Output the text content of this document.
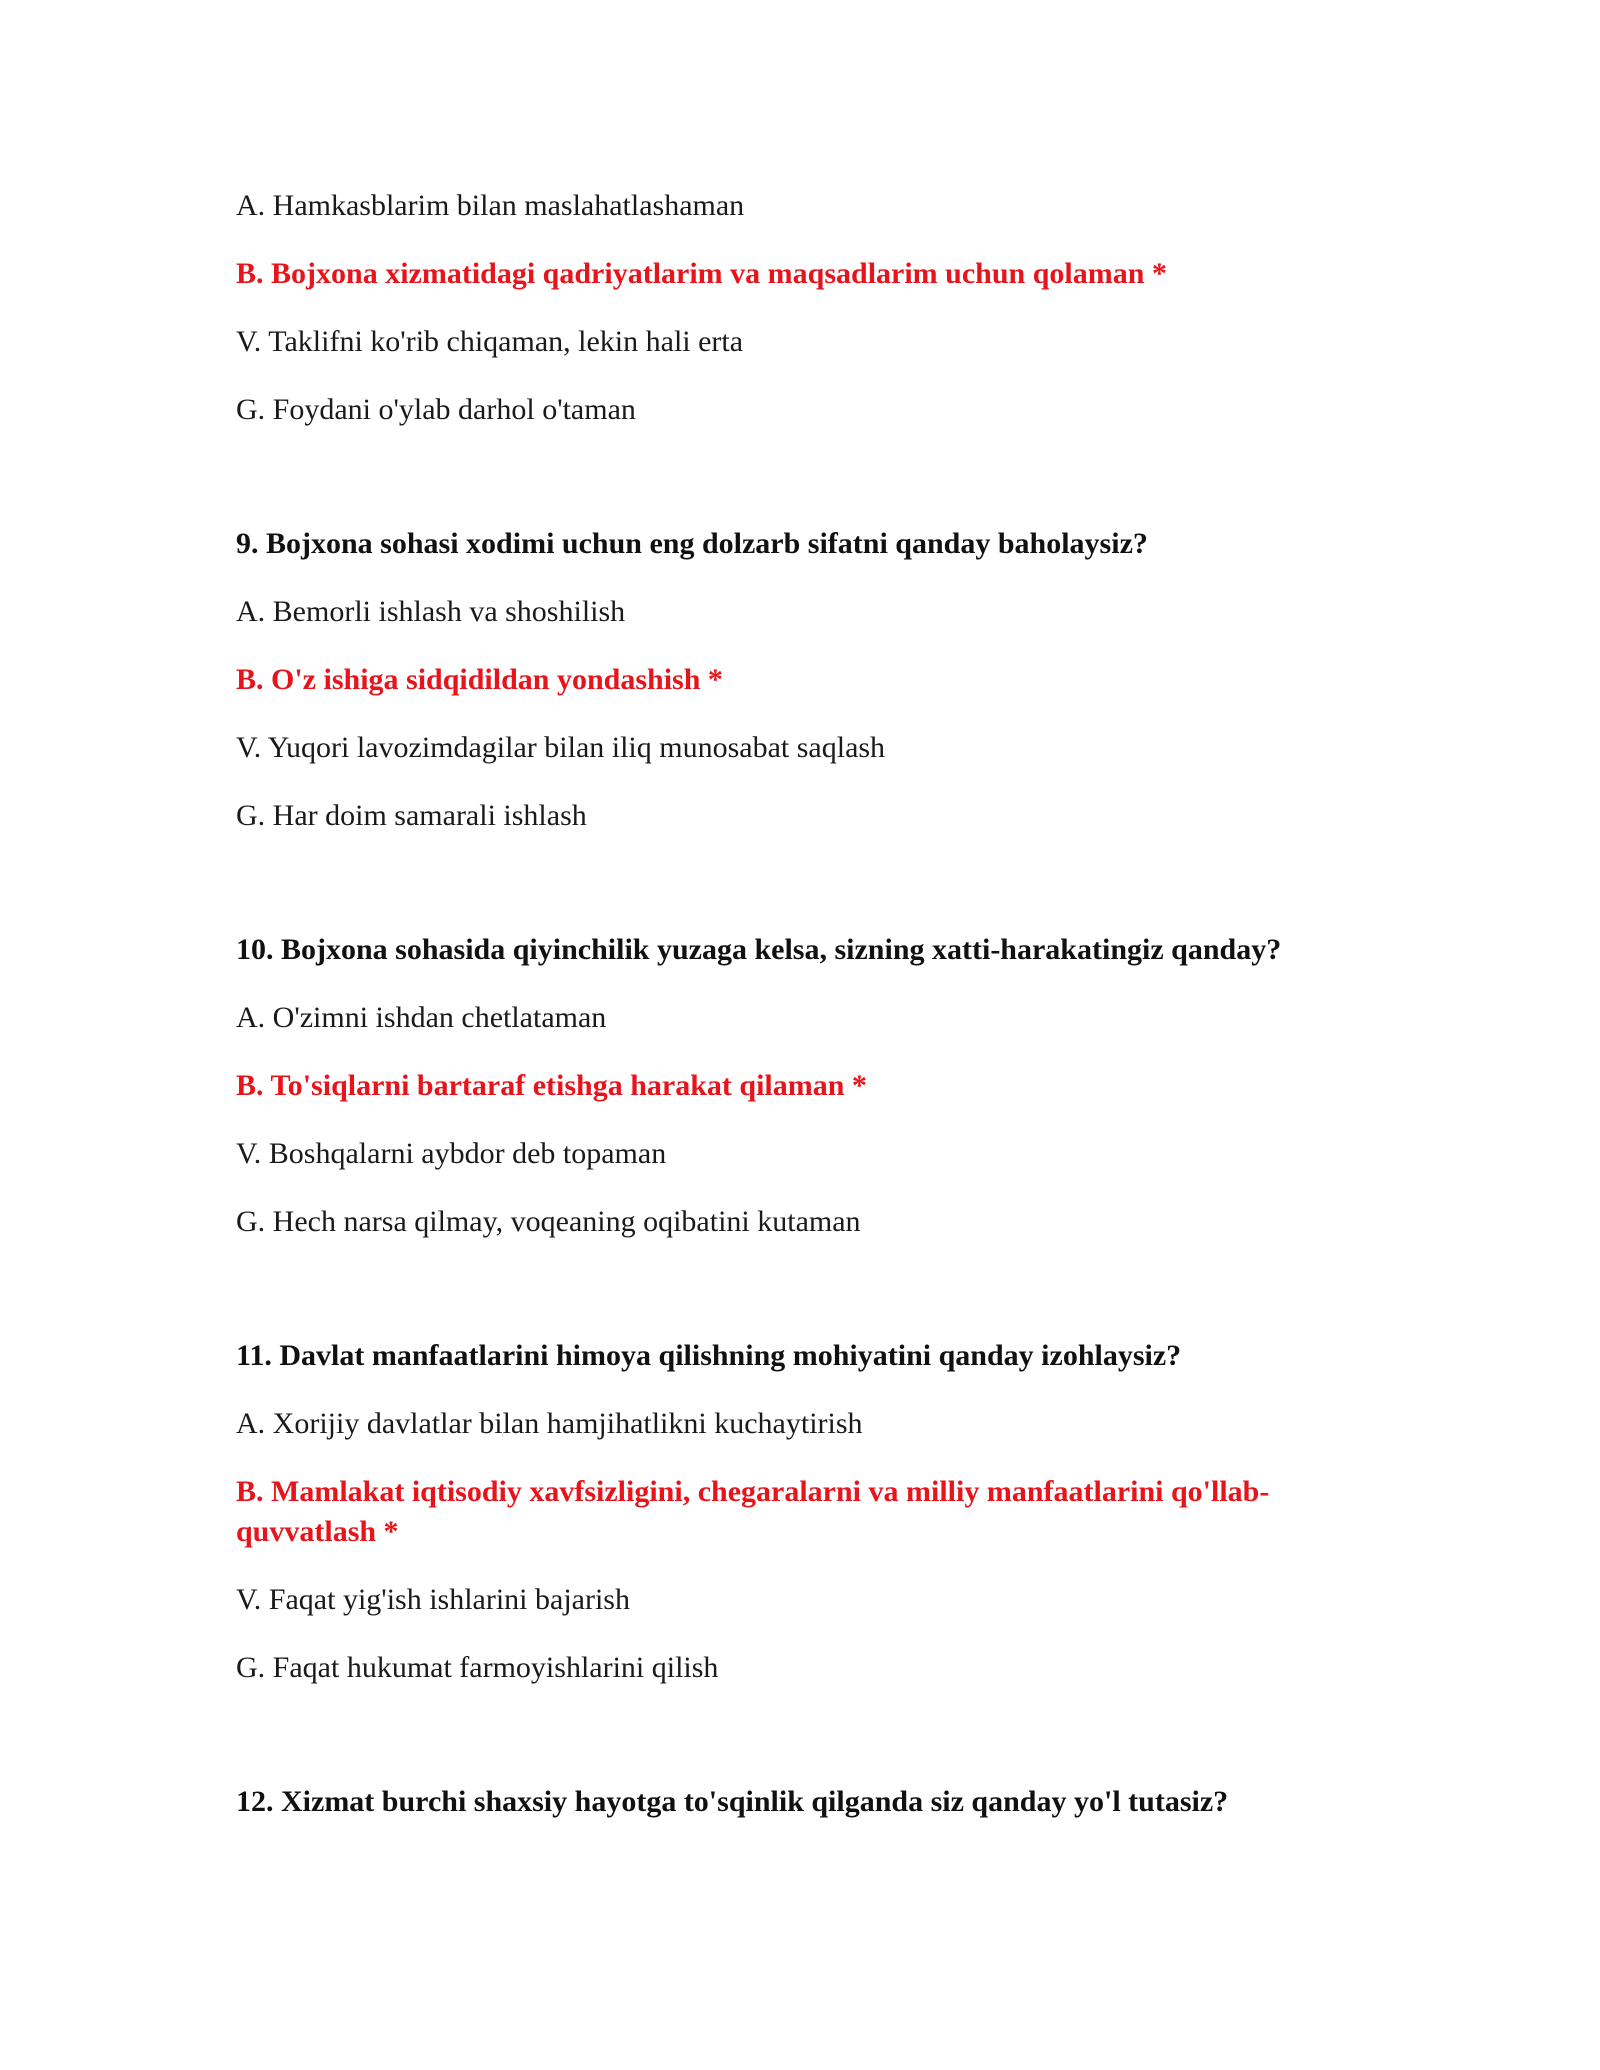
A. Hamkasblarim bilan maslahatlashaman

B. Bojxona xizmatidagi qadriyatlarim va maqsadlarim uchun qolaman *

V. Taklifni ko'rib chiqaman, lekin hali erta

G. Foydani o'ylab darhol o'taman

9. Bojxona sohasi xodimi uchun eng dolzarb sifatni qanday baholaysiz?

A. Bemorli ishlash va shoshilish

B. O'z ishiga sidqidildan yondashish *

V. Yuqori lavozimdagilar bilan iliq munosabat saqlash

G. Har doim samarali ishlash

10. Bojxona sohasida qiyinchilik yuzaga kelsa, sizning xatti-harakatingiz qanday?

A. O'zimni ishdan chetlataman

B. To'siqlarni bartaraf etishga harakat qilaman *

V. Boshqalarni aybdor deb topaman

G. Hech narsa qilmay, voqeaning oqibatini kutaman

11. Davlat manfaatlarini himoya qilishning mohiyatini qanday izohlaysiz?

A. Xorijiy davlatlar bilan hamjihatlikni kuchaytirish

B. Mamlakat iqtisodiy xavfsizligini, chegaralarni va milliy manfaatlarini qo'llab-quvvatlash *

V. Faqat yig'ish ishlarini bajarish

G. Faqat hukumat farmoyishlarini qilish

12. Xizmat burchi shaxsiy hayotga to'sqinlik qilganda siz qanday yo'l tutasiz?
